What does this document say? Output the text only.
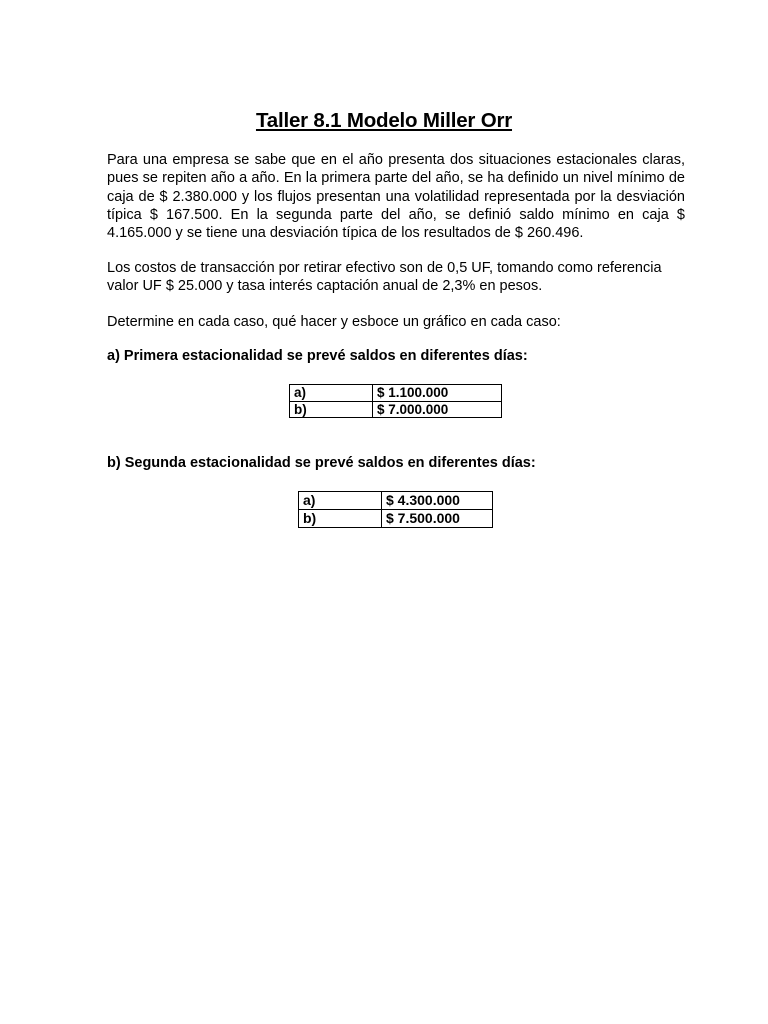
Taller 8.1 Modelo Miller Orr

Para una empresa se sabe que en el año presenta dos situaciones estacionales claras, pues se repiten año a año. En la primera parte del año, se ha definido un nivel mínimo de caja de $ 2.380.000 y los flujos presentan una volatilidad representada por la desviación típica $ 167.500. En la segunda parte del año, se definió saldo mínimo en caja $ 4.165.000 y se tiene una desviación típica de los resultados de $ 260.496.

Los costos de transacción por retirar efectivo son de 0,5 UF, tomando como referencia valor UF $ 25.000 y tasa interés captación anual de 2,3% en pesos.

Determine en cada caso, qué hacer y esboce un gráfico en cada caso:

a) Primera estacionalidad se prevé saldos en diferentes días:
a)	$ 1.100.000
b)	$ 7.000.000
b) Segunda estacionalidad se prevé saldos en diferentes días:
a)	$ 4.300.000
b)	$ 7.500.000
